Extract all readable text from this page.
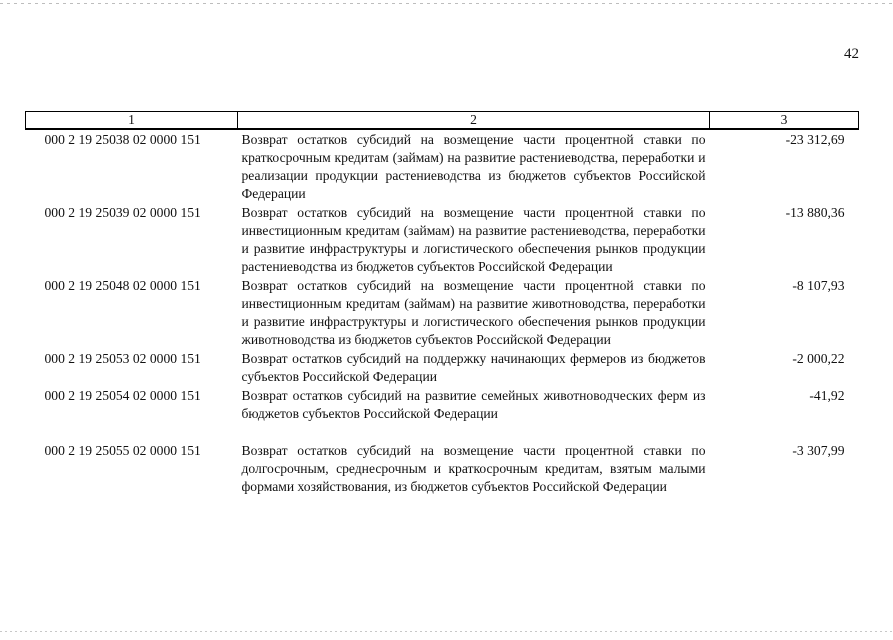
42
1	2	3
000 2 19 25038 02 0000 151	Возврат остатков субсидий на возмещение части процентной ставки по краткосрочным кредитам (займам) на развитие растениеводства, переработки и реализации продукции растениеводства из бюджетов субъектов Российской Федерации	-23 312,69
000 2 19 25039 02 0000 151	Возврат остатков субсидий на возмещение части процентной ставки по инвестиционным кредитам (займам) на развитие растениеводства, переработки и развитие инфраструктуры и логистического обеспечения рынков продукции растениеводства из бюджетов субъектов Российской Федерации	-13 880,36
000 2 19 25048 02 0000 151	Возврат остатков субсидий на возмещение части процентной ставки по инвестиционным кредитам (займам) на развитие животноводства, переработки и развитие инфраструктуры и логистического обеспечения рынков продукции животноводства из бюджетов субъектов Российской Федерации	-8 107,93
000 2 19 25053 02 0000 151	Возврат остатков субсидий на поддержку начинающих фермеров из бюджетов субъектов Российской Федерации	-2 000,22
000 2 19 25054 02 0000 151	Возврат остатков субсидий на развитие семейных животноводческих ферм из бюджетов субъектов Российской Федерации	-41,92
000 2 19 25055 02 0000 151	Возврат остатков субсидий на возмещение части процентной ставки по долгосрочным, среднесрочным и краткосрочным кредитам, взятым малыми формами хозяйствования, из бюджетов субъектов Российской Федерации	-3 307,99
